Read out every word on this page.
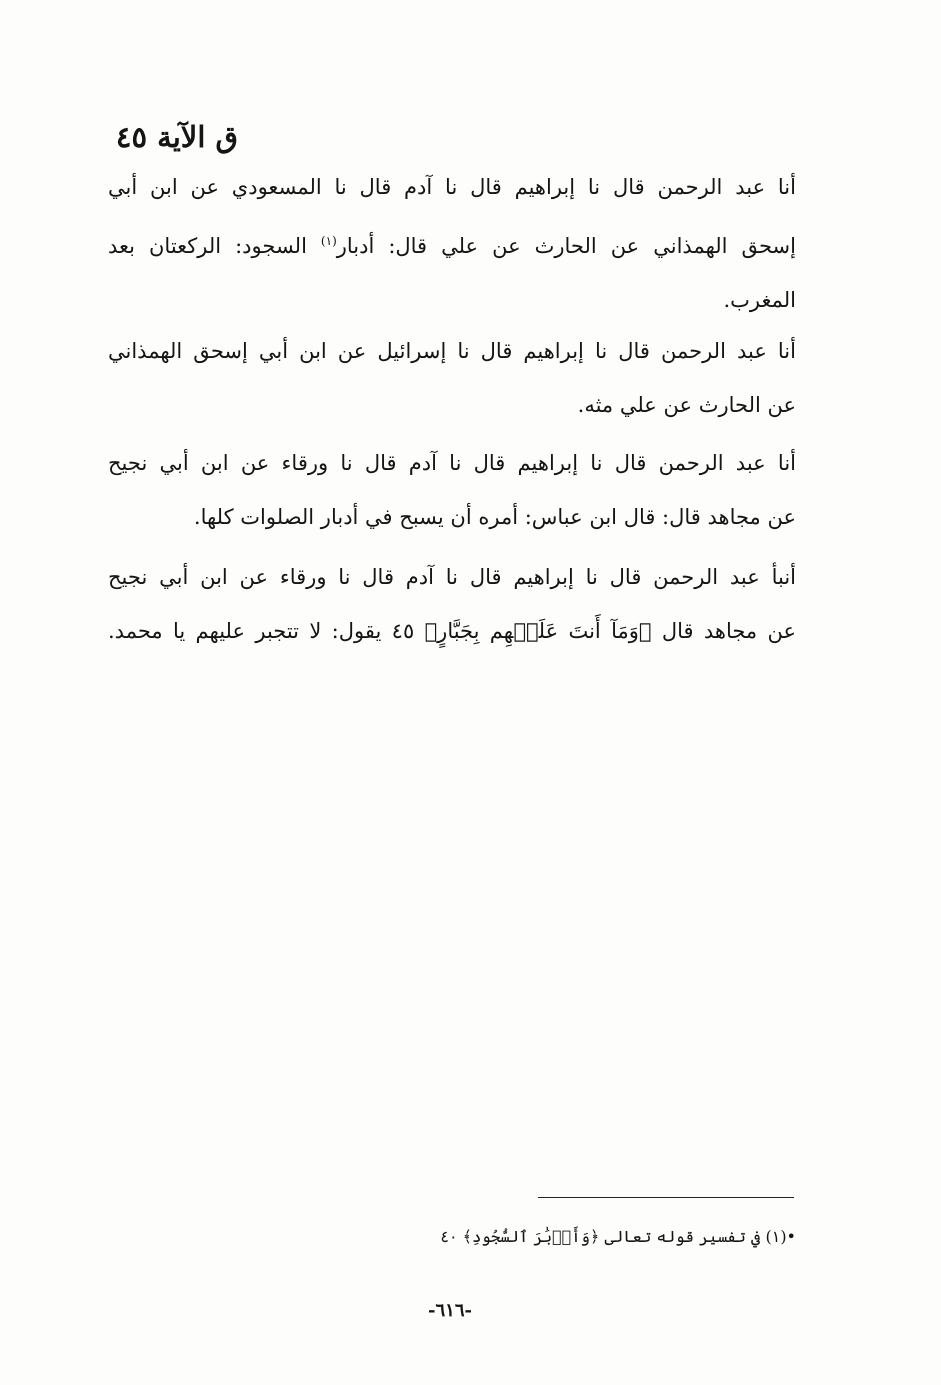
ق الآية ٤٥
أنا عبد الرحمن قال نا إبراهيم قال نا آدم قال نا المسعودي عن ابن أبي
إسحق الهمذاني عن الحارث عن علي قال: أدبار$^{(١)}$ السجود: الركعتان بعد
المغرب.
أنا عبد الرحمن قال نا إبراهيم قال نا إسرائيل عن ابن أبي إسحق الهمذاني
عن الحارث عن علي مثه.
أنا عبد الرحمن قال نا إبراهيم قال نا آدم قال نا ورقاء عن ابن أبي نجيح
عن مجاهد قال: قال ابن عباس: أمره أن يسبح في أدبار الصلوات كلها.
أنبأ عبد الرحمن قال نا إبراهيم قال نا آدم قال نا ورقاء عن ابن أبي نجيح
عن مجاهد قال ﴿وَمَآ أَنتَ عَلَيۡهِم بِجَبَّارٍ﴾ ٤٥ يقول: لا تتجبر عليهم يا محمد.
•(١) في تفسير قوله تعالى ﴿وَأَدۡبَٰرَ ٱلسُّجُودِ﴾ ٤٠
-٦١٦-
